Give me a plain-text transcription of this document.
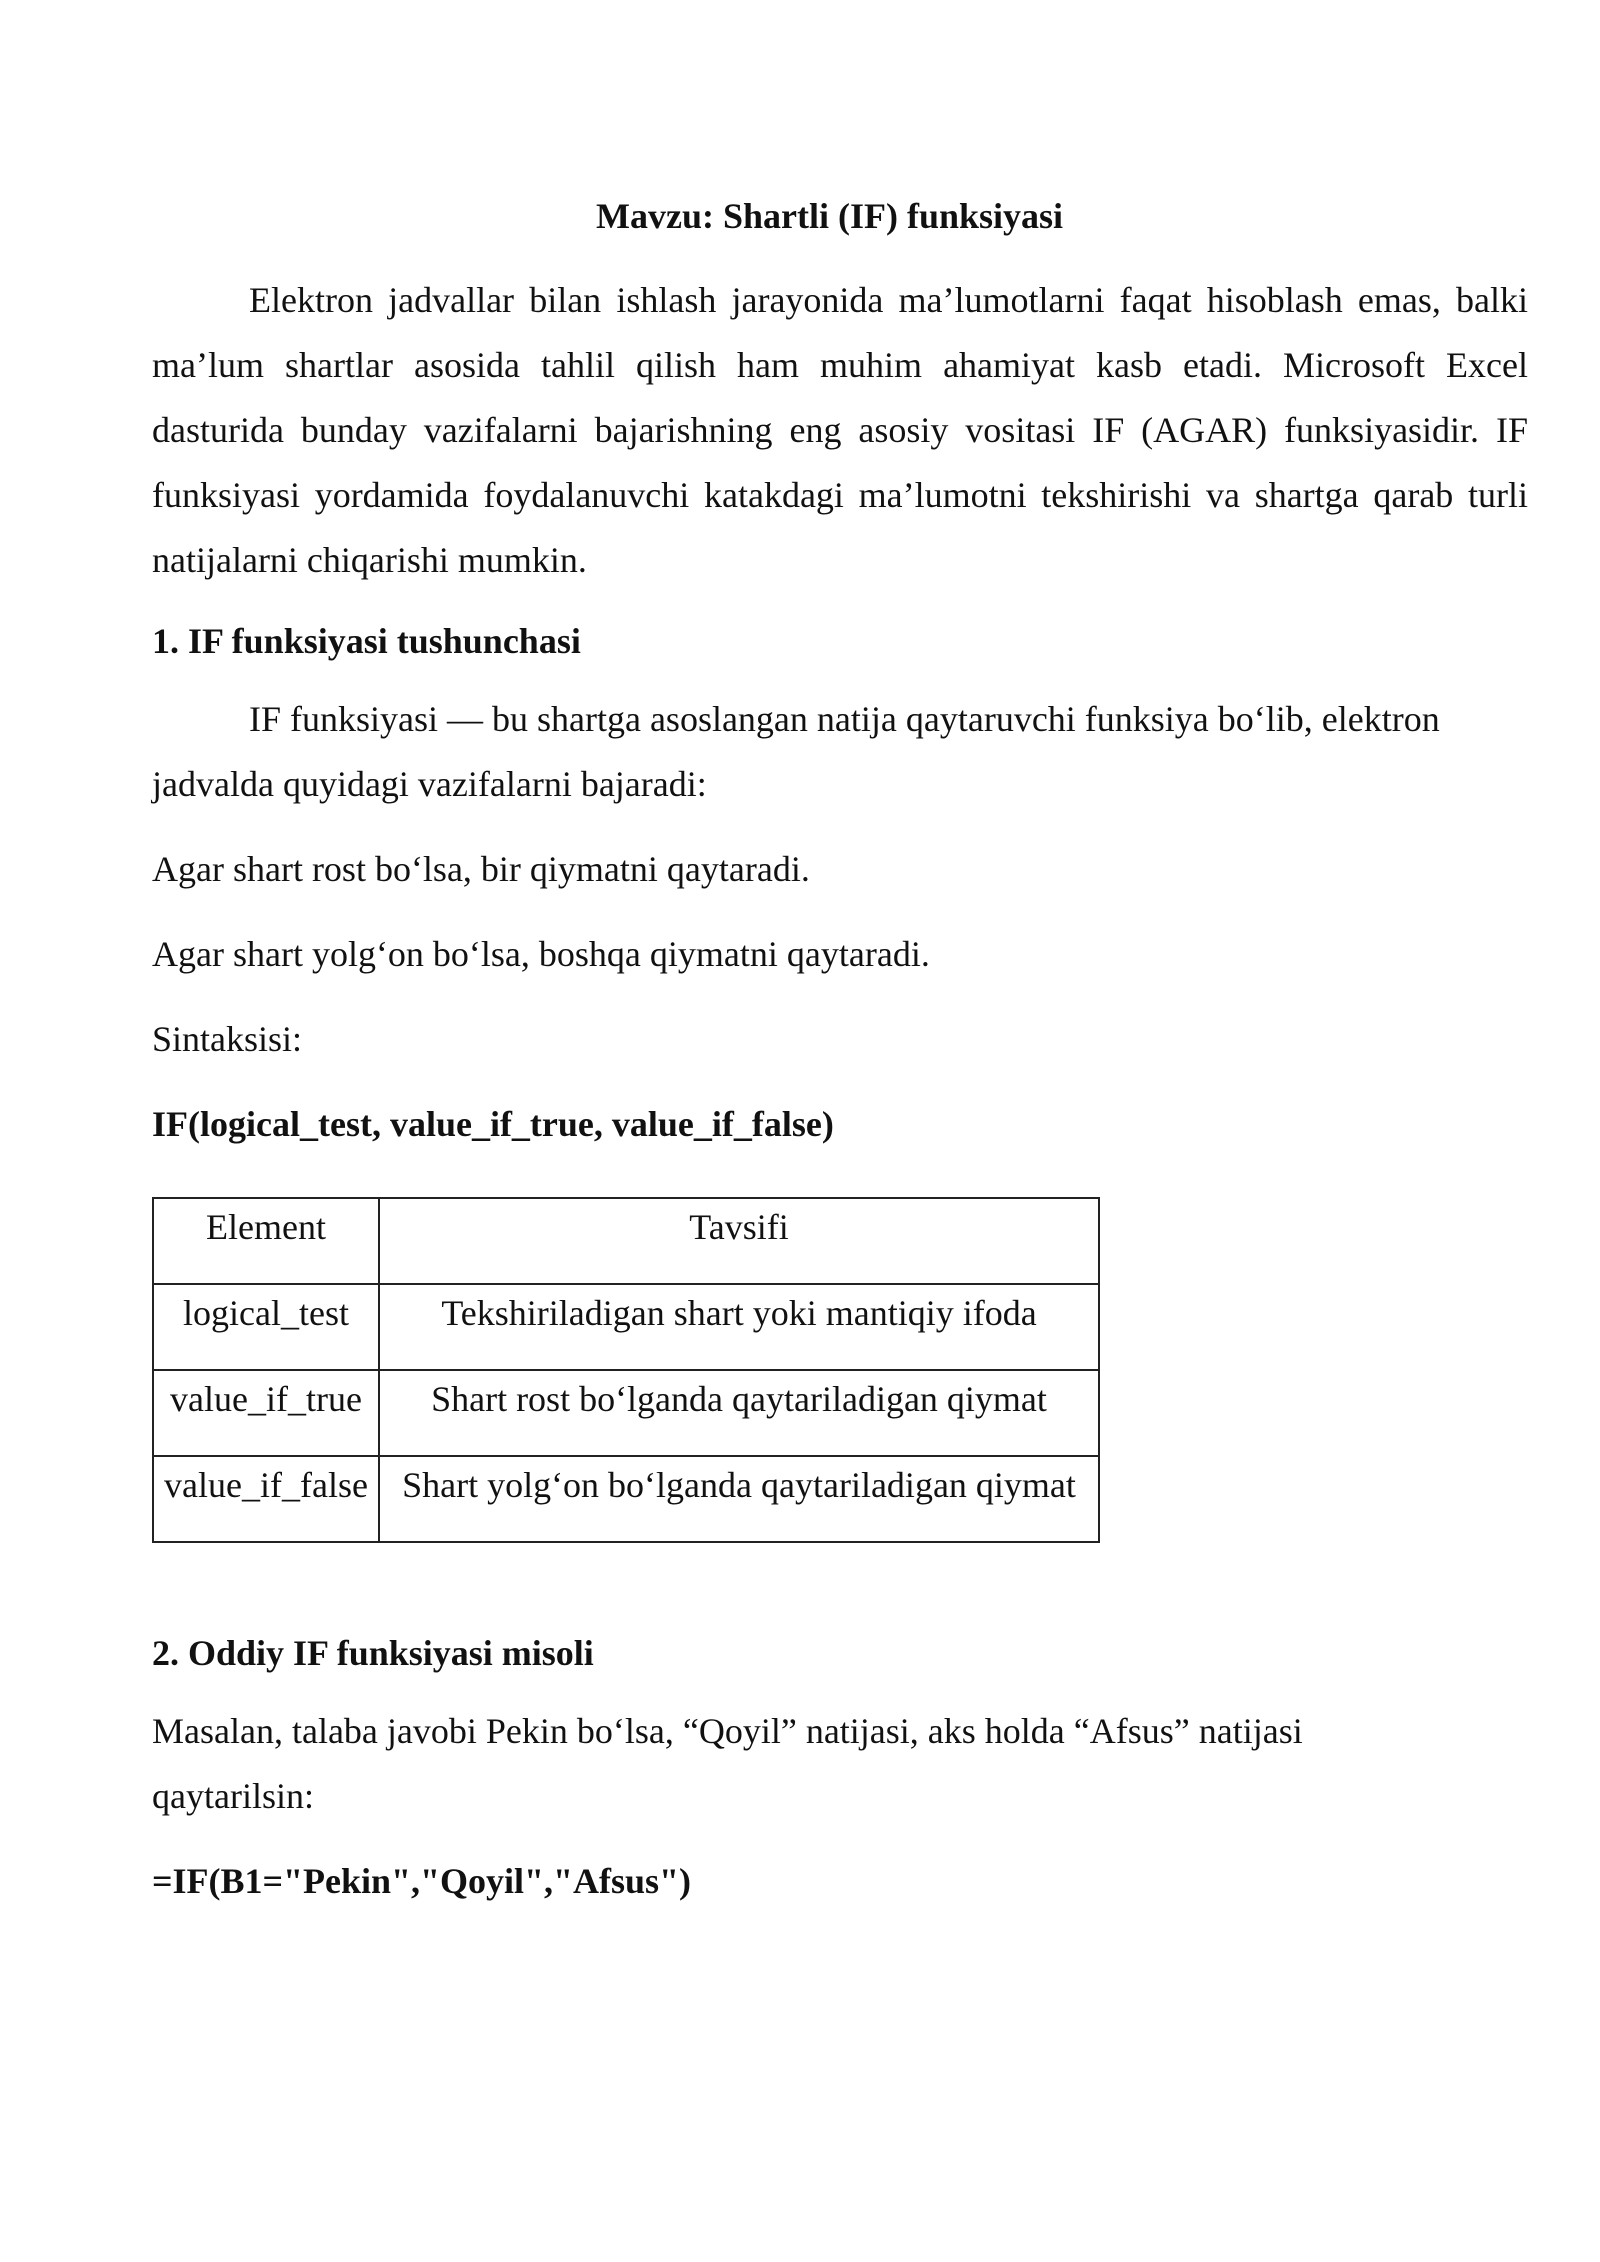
Mavzu: Shartli (IF) funksiyasi

Elektron jadvallar bilan ishlash jarayonida ma’lumotlarni faqat hisoblash emas, balki ma’lum shartlar asosida tahlil qilish ham muhim ahamiyat kasb etadi. Microsoft Excel dasturida bunday vazifalarni bajarishning eng asosiy vositasi IF (AGAR) funksiyasidir. IF funksiyasi yordamida foydalanuvchi katakdagi ma’lumotni tekshirishi va shartga qarab turli natijalarni chiqarishi mumkin.

1. IF funksiyasi tushunchasi

IF funksiyasi — bu shartga asoslangan natija qaytaruvchi funksiya bo‘lib, elektron jadvalda quyidagi vazifalarni bajaradi:

Agar shart rost bo‘lsa, bir qiymatni qaytaradi.

Agar shart yolg‘on bo‘lsa, boshqa qiymatni qaytaradi.

Sintaksisi:

IF(logical_test, value_if_true, value_if_false)

Element	Tavsifi
logical_test	Tekshiriladigan shart yoki mantiqiy ifoda
value_if_true	Shart rost bo‘lganda qaytariladigan qiymat
value_if_false	Shart yolg‘on bo‘lganda qaytariladigan qiymat
2. Oddiy IF funksiyasi misoli

Masalan, talaba javobi Pekin bo‘lsa, “Qoyil” natijasi, aks holda “Afsus” natijasi qaytarilsin:

=IF(B1="Pekin","Qoyil","Afsus")
